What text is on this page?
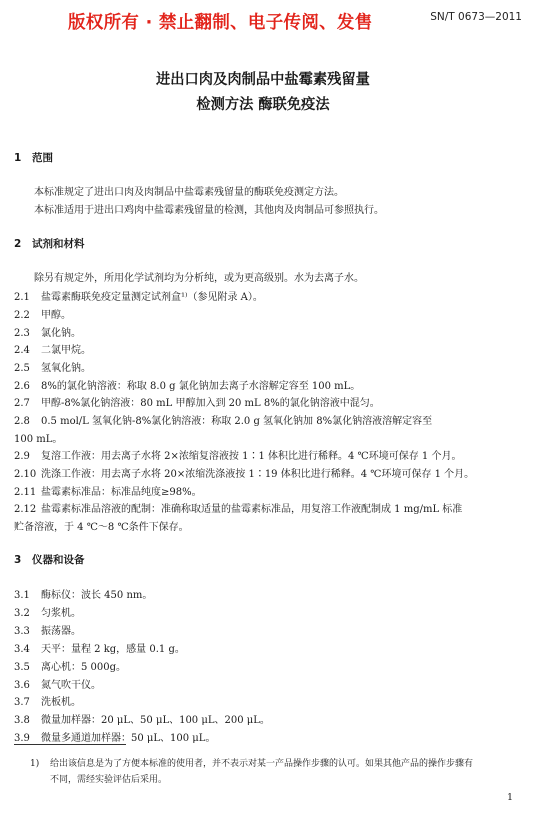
版权所有 · 禁止翻制、电子传阅、发售	SN/T 0673—2011
进出口肉及肉制品中盐霉素残留量
检测方法 酶联免疫法
1 范围
本标准规定了进出口肉及肉制品中盐霉素残留量的酶联免疫测定方法。
本标准适用于进出口鸡肉中盐霉素残留量的检测，其他肉及肉制品可参照执行。
2 试剂和材料
除另有规定外，所用化学试剂均为分析纯，或为更高级别。水为去离子水。
2.1 盐霉素酶联免疫定量测定试剂盒¹⁾（参见附录 A）。
2.2 甲醇。
2.3 氯化钠。
2.4 二氯甲烷。
2.5 氢氧化钠。
2.6 8%的氯化钠溶液：称取 8.0 g 氯化钠加去离子水溶解定容至 100 mL。
2.7 甲醇-8%氯化钠溶液：80 mL 甲醇加入到 20 mL 8%的氯化钠溶液中混匀。
2.8 0.5 mol/L 氢氧化钠-8%氯化钠溶液：称取 2.0 g 氢氧化钠加 8%氯化钠溶液溶解定容至
100 mL。
2.9 复溶工作液：用去离子水将 2×浓缩复溶液按 1∶1 体积比进行稀释。4 ℃环境可保存 1 个月。
2.10 洗涤工作液：用去离子水将 20×浓缩洗涤液按 1∶19 体积比进行稀释。4 ℃环境可保存 1 个月。
2.11 盐霉素标准品：标准品纯度≥98%。
2.12 盐霉素标准品溶液的配制：准确称取适量的盐霉素标准品，用复溶工作液配制成 1 mg/mL 标准
贮备溶液，于 4 ℃～8 ℃条件下保存。
3 仪器和设备
3.1 酶标仪：波长 450 nm。
3.2 匀浆机。
3.3 振荡器。
3.4 天平：量程 2 kg，感量 0.1 g。
3.5 离心机：5 000g。
3.6 氮气吹干仪。
3.7 洗板机。
3.8 微量加样器：20 μL、50 μL、100 μL、200 μL。
3.9 微量多通道加样器：50 μL、100 μL。
1) 给出该信息是为了方便本标准的使用者，并不表示对某一产品操作步骤的认可。如果其他产品的操作步骤有
不同，需经实验评估后采用。
1
